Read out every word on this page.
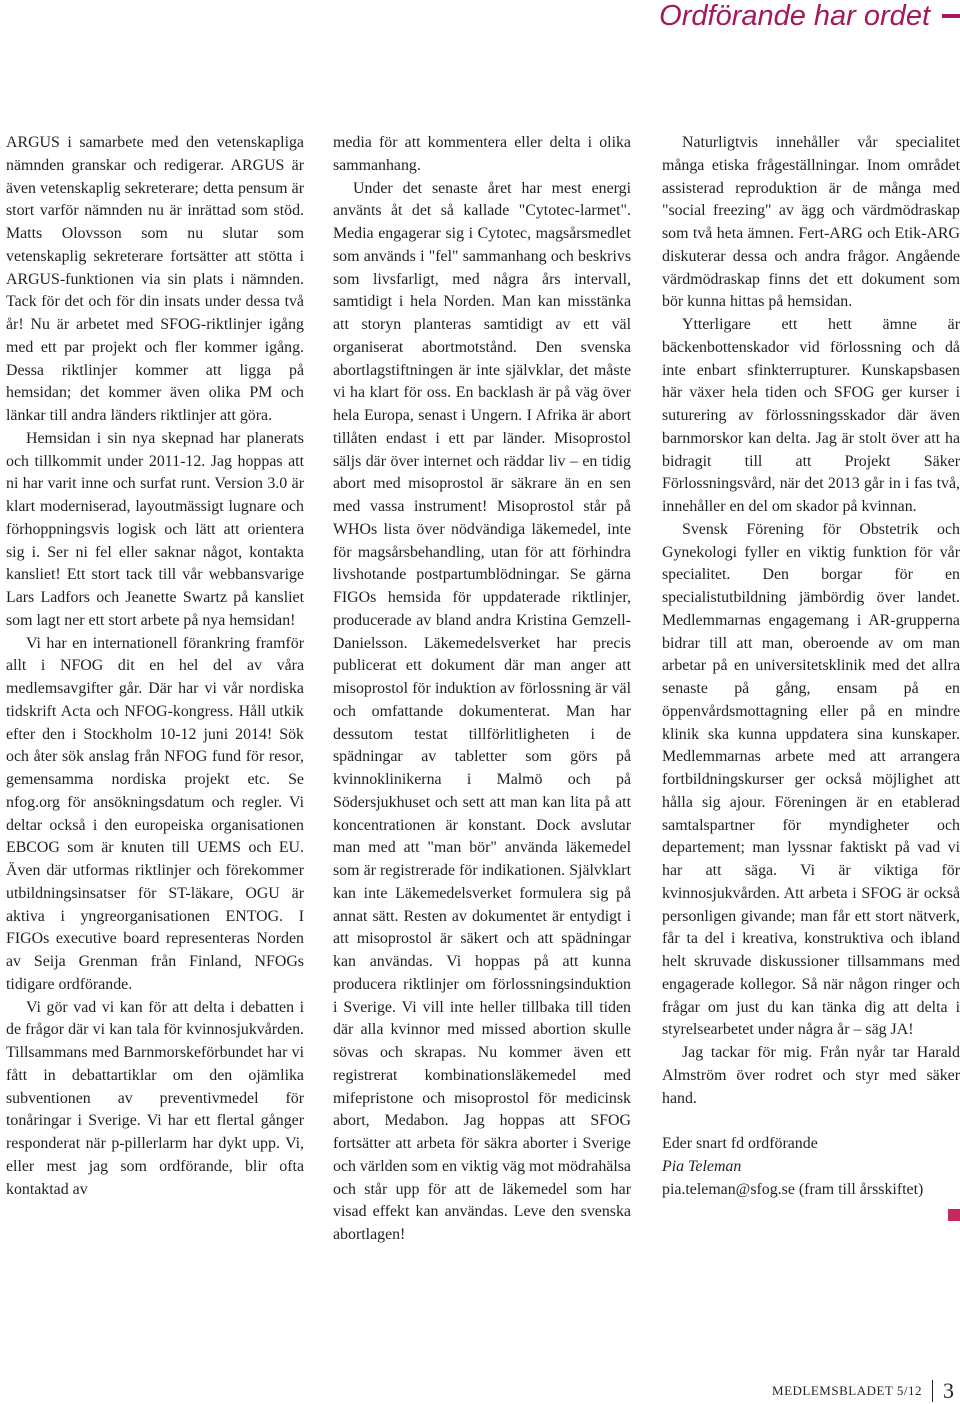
Ordförande har ordet

ARGUS i samarbete med den vetenskapliga nämnden granskar och redigerar. ARGUS är även vetenskaplig sekreterare; detta pensum är stort varför nämnden nu är inrättad som stöd. Matts Olovsson som nu slutar som vetenskaplig sekreterare fortsätter att stötta i ARGUS-funktionen via sin plats i nämnden. Tack för det och för din insats under dessa två år! Nu är arbetet med SFOG-riktlinjer igång med ett par projekt och fler kommer igång. Dessa riktlinjer kommer att ligga på hemsidan; det kommer även olika PM och länkar till andra länders riktlinjer att göra.

Hemsidan i sin nya skepnad har planerats och tillkommit under 2011-12. Jag hoppas att ni har varit inne och surfat runt. Version 3.0 är klart moderniserad, layoutmässigt lugnare och förhoppningsvis logisk och lätt att orientera sig i. Ser ni fel eller saknar något, kontakta kansliet! Ett stort tack till vår webbansvarige Lars Ladfors och Jeanette Swartz på kansliet som lagt ner ett stort arbete på nya hemsidan!

Vi har en internationell förankring framför allt i NFOG dit en hel del av våra medlemsavgifter går. Där har vi vår nordiska tidskrift Acta och NFOG-kongress. Håll utkik efter den i Stockholm 10-12 juni 2014! Sök och åter sök anslag från NFOG fund för resor, gemensamma nordiska projekt etc. Se nfog.org för ansökningsdatum och regler. Vi deltar också i den europeiska organisationen EBCOG som är knuten till UEMS och EU. Även där utformas riktlinjer och förekommer utbildningsinsatser för ST-läkare, OGU är aktiva i yngreorganisationen ENTOG. I FIGOs executive board representeras Norden av Seija Grenman från Finland, NFOGs tidigare ordförande.

Vi gör vad vi kan för att delta i debatten i de frågor där vi kan tala för kvinnosjukvården. Tillsammans med Barnmorskeförbundet har vi fått in debattartiklar om den ojämlika subventionen av preventivmedel för tonåringar i Sverige. Vi har ett flertal gånger responderat när p-pillerlarm har dykt upp. Vi, eller mest jag som ordförande, blir ofta kontaktad av

media för att kommentera eller delta i olika sammanhang.

Under det senaste året har mest energi använts åt det så kallade "Cytotec-larmet". Media engagerar sig i Cytotec, magsårsmedlet som används i "fel" sammanhang och beskrivs som livsfarligt, med några års intervall, samtidigt i hela Norden. Man kan misstänka att storyn planteras samtidigt av ett väl organiserat abortmotstånd. Den svenska abortlagstiftningen är inte självklar, det måste vi ha klart för oss. En backlash är på väg över hela Europa, senast i Ungern. I Afrika är abort tillåten endast i ett par länder. Misoprostol säljs där över internet och räddar liv – en tidig abort med misoprostol är säkrare än en sen med vassa instrument! Misoprostol står på WHOs lista över nödvändiga läkemedel, inte för magsårsbehandling, utan för att förhindra livshotande postpartumblödningar. Se gärna FIGOs hemsida för uppdaterade riktlinjer, producerade av bland andra Kristina Gemzell-Danielsson. Läkemedelsverket har precis publicerat ett dokument där man anger att misoprostol för induktion av förlossning är väl och omfattande dokumenterat. Man har dessutom testat tillförlitligheten i de spädningar av tabletter som görs på kvinnoklinikerna i Malmö och på Södersjukhuset och sett att man kan lita på att koncentrationen är konstant. Dock avslutar man med att "man bör" använda läkemedel som är registrerade för indikationen. Självklart kan inte Läkemedelsverket formulera sig på annat sätt. Resten av dokumentet är entydigt i att misoprostol är säkert och att spädningar kan användas. Vi hoppas på att kunna producera riktlinjer om förlossningsinduktion i Sverige. Vi vill inte heller tillbaka till tiden där alla kvinnor med missed abortion skulle sövas och skrapas. Nu kommer även ett registrerat kombinationsläkemedel med mifepristone och misoprostol för medicinsk abort, Medabon. Jag hoppas att SFOG fortsätter att arbeta för säkra aborter i Sverige och världen som en viktig väg mot mödrahälsa och står upp för att de läkemedel som har visad effekt kan användas. Leve den svenska abortlagen!

Naturligtvis innehåller vår specialitet många etiska frågeställningar. Inom området assisterad reproduktion är de många med "social freezing" av ägg och värdmödraskap som två heta ämnen. Fert-ARG och Etik-ARG diskuterar dessa och andra frågor. Angående värdmödraskap finns det ett dokument som bör kunna hittas på hemsidan.

Ytterligare ett hett ämne är bäckenbottenskador vid förlossning och då inte enbart sfinkterrupturer. Kunskapsbasen här växer hela tiden och SFOG ger kurser i suturering av förlossningsskador där även barnmorskor kan delta. Jag är stolt över att ha bidragit till att Projekt Säker Förlossningsvård, när det 2013 går in i fas två, innehåller en del om skador på kvinnan.

Svensk Förening för Obstetrik och Gynekologi fyller en viktig funktion för vår specialitet. Den borgar för en specialistutbildning jämbördig över landet. Medlemmarnas engagemang i AR-grupperna bidrar till att man, oberoende av om man arbetar på en universitetsklinik med det allra senaste på gång, ensam på en öppenvårdsmottagning eller på en mindre klinik ska kunna uppdatera sina kunskaper. Medlemmarnas arbete med att arrangera fortbildningskurser ger också möjlighet att hålla sig ajour. Föreningen är en etablerad samtalspartner för myndigheter och departement; man lyssnar faktiskt på vad vi har att säga. Vi är viktiga för kvinnosjukvården. Att arbeta i SFOG är också personligen givande; man får ett stort nätverk, får ta del i kreativa, konstruktiva och ibland helt skruvade diskussioner tillsammans med engagerade kollegor. Så när någon ringer och frågar om just du kan tänka dig att delta i styrelsearbetet under några år – säg JA!

Jag tackar för mig. Från nyår tar Harald Almström över rodret och styr med säker hand.

Eder snart fd ordförande

Pia Teleman

pia.teleman@sfog.se (fram till årsskiftet)

MEDLEMSBLADET 5/12 3
